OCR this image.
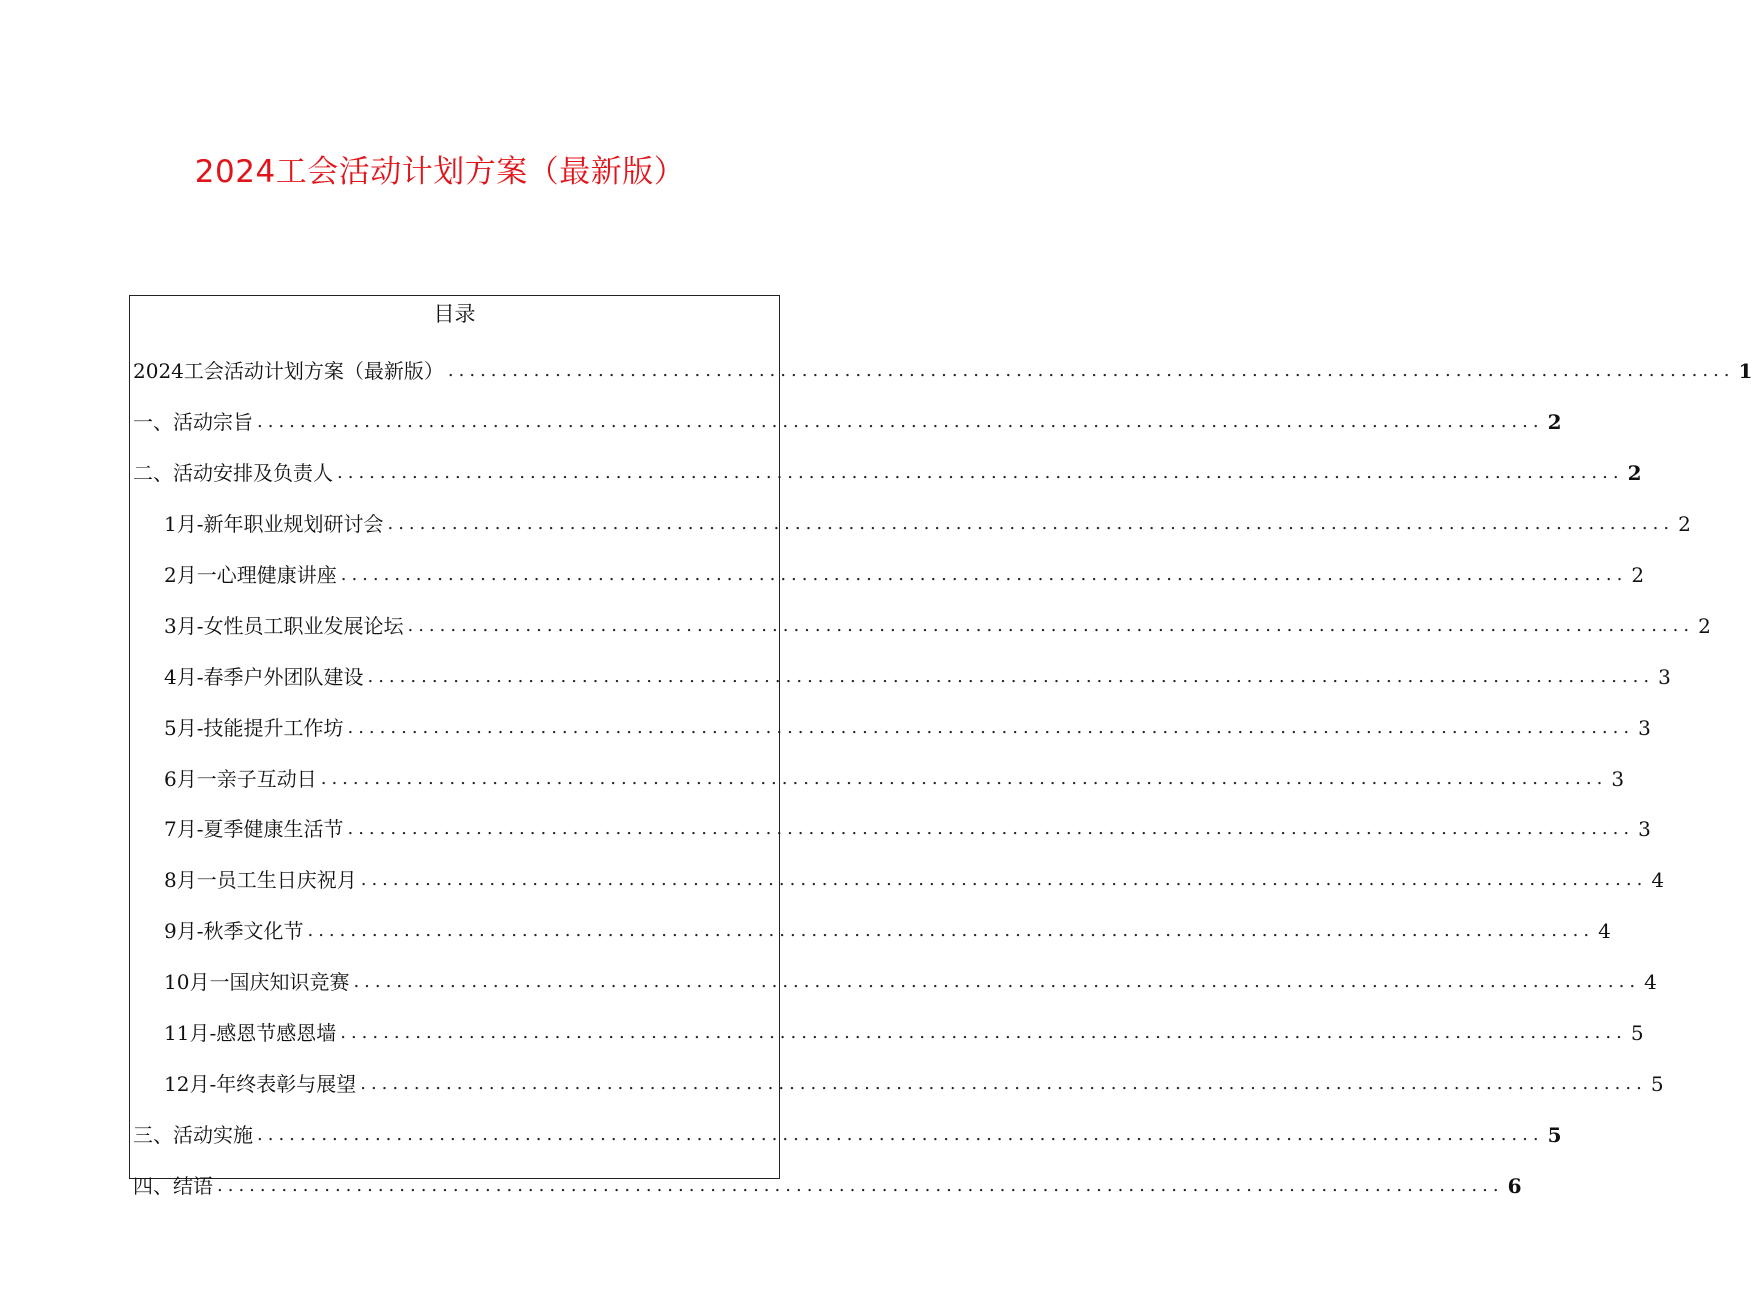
2024工会活动计划方案（最新版）
目录
2024工会活动计划方案（最新版） ........................................................................................................................ 1
一、活动宗旨 ........................................................................................................................ 2
二、活动安排及负责人 ........................................................................................................................ 2
1月-新年职业规划研讨会 ........................................................................................................................ 2
2月一心理健康讲座 ........................................................................................................................ 2
3月-女性员工职业发展论坛 ........................................................................................................................ 2
4月-春季户外团队建设 ........................................................................................................................ 3
5月-技能提升工作坊 ........................................................................................................................ 3
6月一亲子互动日 ........................................................................................................................ 3
7月-夏季健康生活节 ........................................................................................................................ 3
8月一员工生日庆祝月 ........................................................................................................................ 4
9月-秋季文化节 ........................................................................................................................ 4
10月一国庆知识竞赛 ........................................................................................................................ 4
11月-感恩节感恩墙 ........................................................................................................................ 5
12月-年终表彰与展望 ........................................................................................................................ 5
三、活动实施 ........................................................................................................................ 5
四、结语 ........................................................................................................................ 6
